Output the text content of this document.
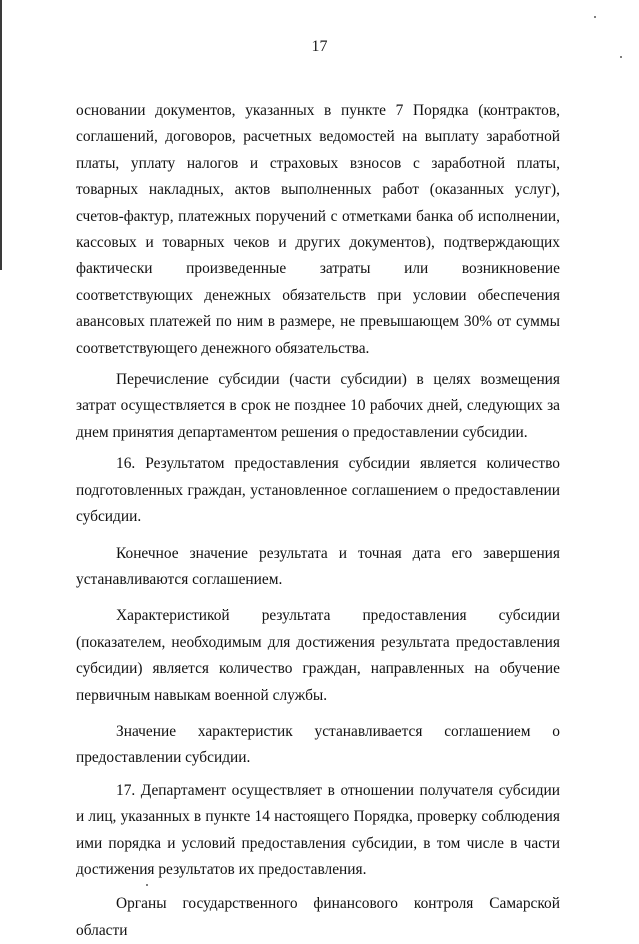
17

основании документов, указанных в пункте 7 Порядка (контрактов, соглашений, договоров, расчетных ведомостей на выплату заработной платы, уплату налогов и страховых взносов с заработной платы, товарных накладных, актов выполненных работ (оказанных услуг), счетов-фактур, платежных поручений с отметками банка об исполнении, кассовых и товарных чеков и других документов), подтверждающих фактически произведенные затраты или возникновение соответствующих денежных обязательств при условии обеспечения авансовых платежей по ним в размере, не превышающем 30% от суммы соответствующего денежного обязательства.

Перечисление субсидии (части субсидии) в целях возмещения затрат осуществляется в срок не позднее 10 рабочих дней, следующих за днем принятия департаментом решения о предоставлении субсидии.

16. Результатом предоставления субсидии является количество подготовленных граждан, установленное соглашением о предоставлении субсидии.

Конечное значение результата и точная дата его завершения устанавливаются соглашением.

Характеристикой результата предоставления субсидии (показателем, необходимым для достижения результата предоставления субсидии) является количество граждан, направленных на обучение первичным навыкам военной службы.

Значение характеристик устанавливается соглашением о предоставлении субсидии.

17. Департамент осуществляет в отношении получателя субсидии и лиц, указанных в пункте 14 настоящего Порядка, проверку соблюдения ими порядка и условий предоставления субсидии, в том числе в части достижения результатов их предоставления.

Органы государственного финансового контроля Самарской области
